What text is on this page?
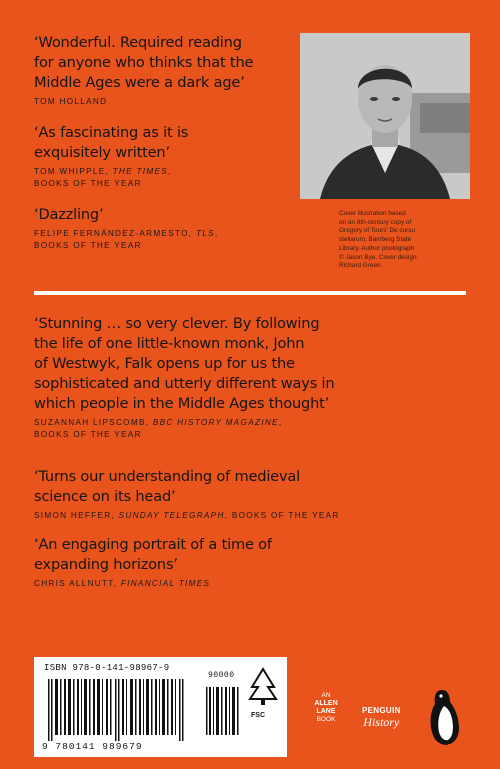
‘Wonderful. Required reading
for anyone who thinks that the
Middle Ages were a dark age’
TOM HOLLAND
‘As fascinating as it is
exquisitely written’
TOM WHIPPLE, THE TIMES,
BOOKS OF THE YEAR
‘Dazzling’
FELIPE FERNÁNDEZ-ARMESTO, TLS,
BOOKS OF THE YEAR
Cover illustration based
on an 8th-century copy of
Gregory of Tours’ De cursu
stellarum, Bamberg State
Library. Author photograph
© Jason Bye. Cover design:
Richard Green.
‘Stunning … so very clever. By following
the life of one little-known monk, John
of Westwyk, Falk opens up for us the
sophisticated and utterly different ways in
which people in the Middle Ages thought’
SUZANNAH LIPSCOMB, BBC HISTORY MAGAZINE,
BOOKS OF THE YEAR
‘Turns our understanding of medieval
science on its head’
SIMON HEFFER, SUNDAY TELEGRAPH, BOOKS OF THE YEAR
‘An engaging portrait of a time of
expanding horizons’
CHRIS ALLNUTT, FINANCIAL TIMES
ISBN 978-0-141-98967-9
9 780141 989679
90000
FSC
AN
ALLEN
LANE
BOOK
PENGUIN
History
